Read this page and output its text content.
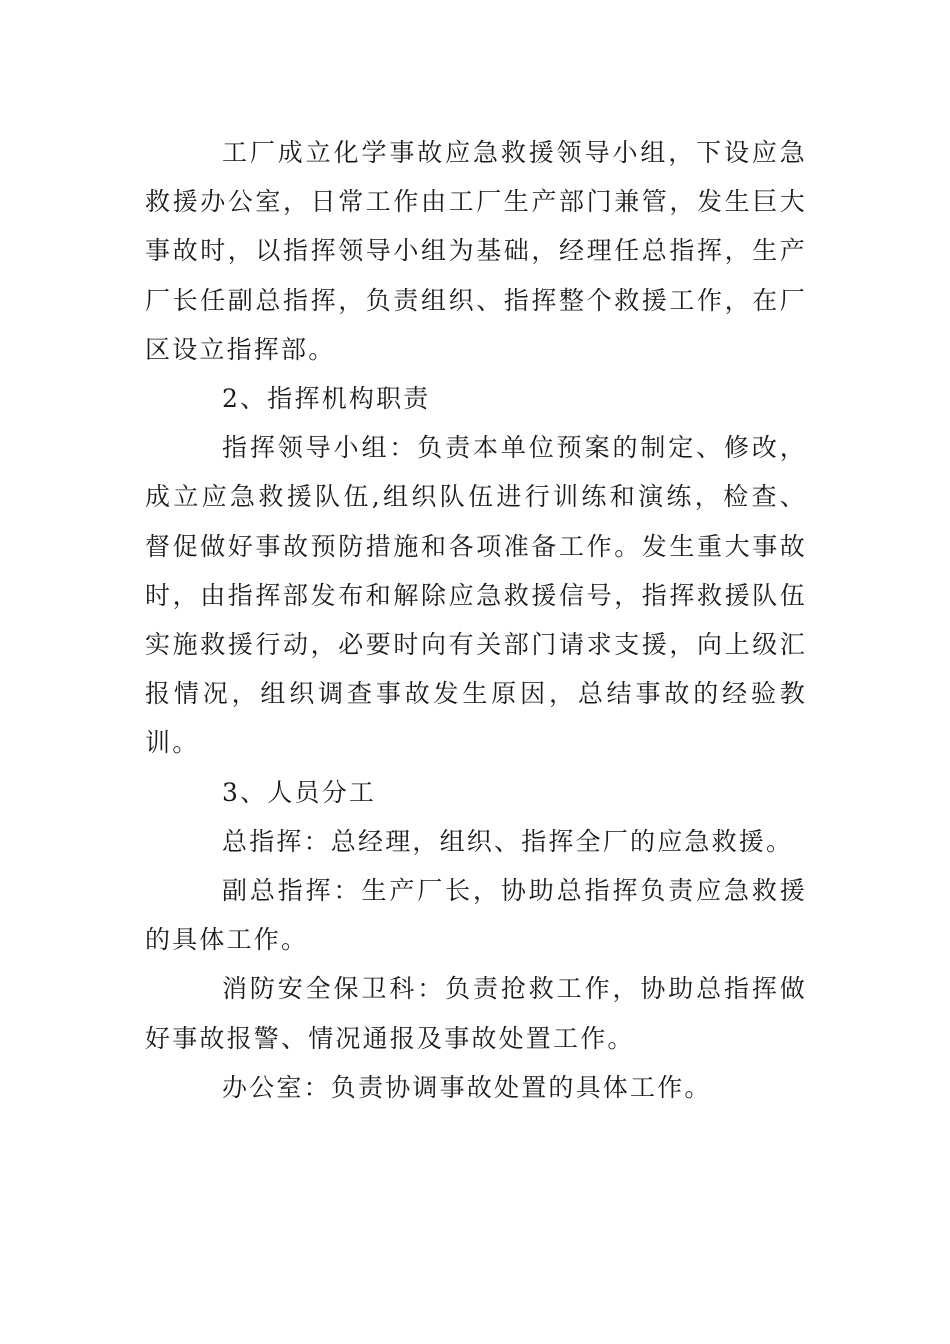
工厂成立化学事故应急救援领导小组，下设应急救援办公室，日常工作由工厂生产部门兼管，发生巨大事故时，以指挥领导小组为基础，经理任总指挥，生产厂长任副总指挥，负责组织、指挥整个救援工作，在厂区设立指挥部。

2、指挥机构职责

指挥领导小组：负责本单位预案的制定、修改，成立应急救援队伍,组织队伍进行训练和演练，检查、督促做好事故预防措施和各项准备工作。发生重大事故时，由指挥部发布和解除应急救援信号，指挥救援队伍实施救援行动，必要时向有关部门请求支援，向上级汇报情况，组织调查事故发生原因，总结事故的经验教训。

3、人员分工

总指挥：总经理，组织、指挥全厂的应急救援。

副总指挥：生产厂长，协助总指挥负责应急救援的具体工作。

消防安全保卫科：负责抢救工作，协助总指挥做好事故报警、情况通报及事故处置工作。

办公室：负责协调事故处置的具体工作。
